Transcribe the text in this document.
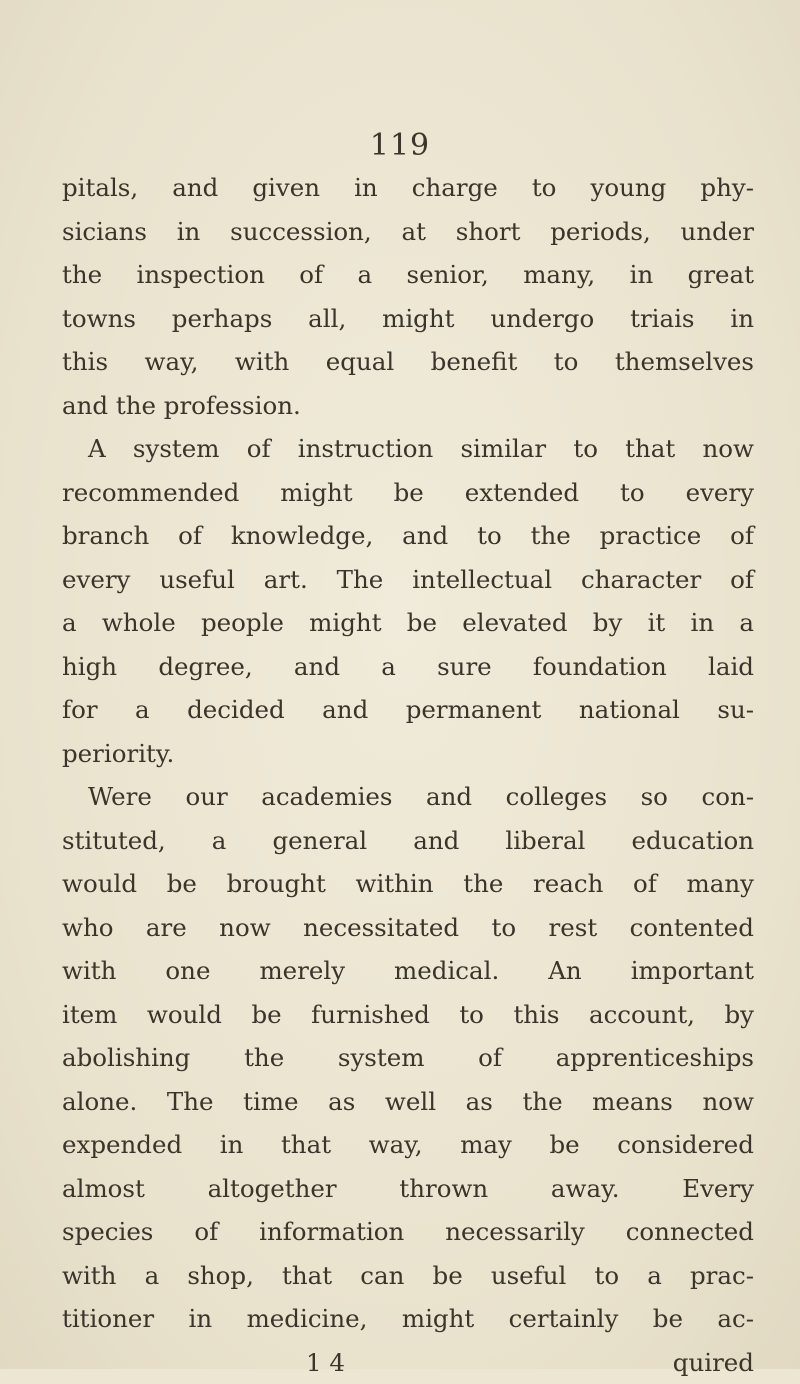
119
pitals, and given in charge to young phy-
sicians in succession, at short periods, under
the inspection of a senior, many, in great
towns perhaps all, might undergo triais in
this way, with equal benefit to themselves
and the profession.
A system of instruction similar to that now
recommended might be extended to every
branch of knowledge, and to the practice of
every useful art. The intellectual character of
a whole people might be elevated by it in a
high degree, and a sure foundation laid
for a decided and permanent national su-
periority.
Were our academies and colleges so con-
stituted, a general and liberal education
would be brought within the reach of many
who are now necessitated to rest contented
with one merely medical. An important
item would be furnished to this account, by
abolishing the system of apprenticeships
alone. The time as well as the means now
expended in that way, may be considered
almost altogether thrown away. Every
species of information necessarily connected
with a shop, that can be useful to a prac-
titioner in medicine, might certainly be ac-
1 4	quired
